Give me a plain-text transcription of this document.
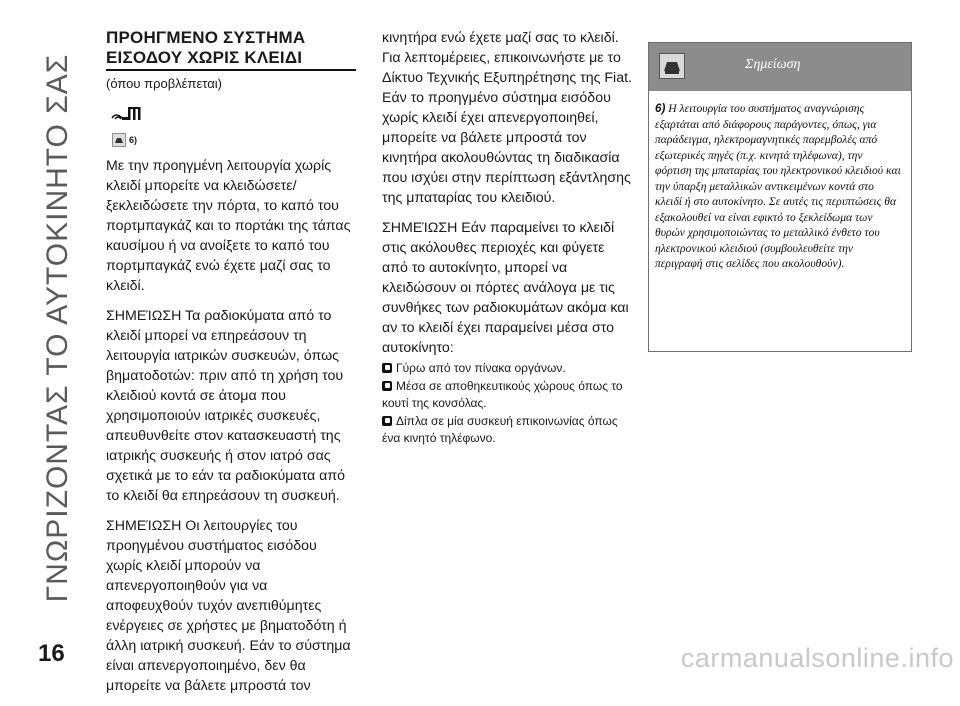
ΓΝΩΡΙΖΟΝΤΑΣ ΤΟ ΑΥΤΟΚΙΝΗΤΟ ΣΑΣ
ΠΡΟΗΓΜΕΝΟ ΣΥΣΤΗΜΑ
ΕΙΣΟΔΟΥ ΧΩΡΙΣ ΚΛΕΙΔΙ

(όπου προβλέπεται)

6)

Με την προηγμένη λειτουργία χωρίς κλειδί μπορείτε να κλειδώσετε/ ξεκλειδώσετε την πόρτα, το καπό του πορτμπαγκάζ και το πορτάκι της τάπας καυσίμου ή να ανοίξετε το καπό του πορτμπαγκάζ ενώ έχετε μαζί σας το κλειδί.

ΣΗΜΕΊΩΣΗ Τα ραδιοκύματα από το κλειδί μπορεί να επηρεάσουν τη λειτουργία ιατρικών συσκευών, όπως βηματοδοτών: πριν από τη χρήση του κλειδιού κοντά σε άτομα που χρησιμοποιούν ιατρικές συσκευές, απευθυνθείτε στον κατασκευαστή της ιατρικής συσκευής ή στον ιατρό σας σχετικά με το εάν τα ραδιοκύματα από το κλειδί θα επηρεάσουν τη συσκευή.

ΣΗΜΕΊΩΣΗ Οι λειτουργίες του προηγμένου συστήματος εισόδου χωρίς κλειδί μπορούν να απενεργοποιηθούν για να αποφευχθούν τυχόν ανεπιθύμητες ενέργειες σε χρήστες με βηματοδότη ή άλλη ιατρική συσκευή. Εάν το σύστημα είναι απενεργοποιημένο, δεν θα μπορείτε να βάλετε μπροστά τον

κινητήρα ενώ έχετε μαζί σας το κλειδί. Για λεπτομέρειες, επικοινωνήστε με το Δίκτυο Τεχνικής Εξυπηρέτησης της Fiat. Εάν το προηγμένο σύστημα εισόδου χωρίς κλειδί έχει απενεργοποιηθεί, μπορείτε να βάλετε μπροστά τον κινητήρα ακολουθώντας τη διαδικασία που ισχύει στην περίπτωση εξάντλησης της μπαταρίας του κλειδιού.

ΣΗΜΕΊΩΣΗ Εάν παραμείνει το κλειδί στις ακόλουθες περιοχές και φύγετε από το αυτοκίνητο, μπορεί να κλειδώσουν οι πόρτες ανάλογα με τις συνθήκες των ραδιοκυμάτων ακόμα και αν το κλειδί έχει παραμείνει μέσα στο αυτοκίνητο:

Γύρω από τον πίνακα οργάνων.
Μέσα σε αποθηκευτικούς χώρους όπως το κουτί της κονσόλας.
Δίπλα σε μία συσκευή επικοινωνίας όπως ένα κινητό τηλέφωνο.
Σημείωση
6) Η λειτουργία του συστήματος αναγνώρισης εξαρτάται από διάφορους παράγοντες, όπως, για παράδειγμα, ηλεκτρομαγνητικές παρεμβολές από εξωτερικές πηγές (π.χ. κινητά τηλέφωνα), την φόρτιση της μπαταρίας του ηλεκτρονικού κλειδιού και την ύπαρξη μεταλλικών αντικειμένων κοντά στο κλειδί ή στο αυτοκίνητο. Σε αυτές τις περιπτώσεις θα εξακολουθεί να είναι εφικτό το ξεκλείδωμα των θυρών χρησιμοποιώντας το μεταλλικό ένθετο του ηλεκτρονικού κλειδιού (συμβουλευθείτε την περιγραφή στις σελίδες που ακολουθούν).
16	carmanualsonline.info
